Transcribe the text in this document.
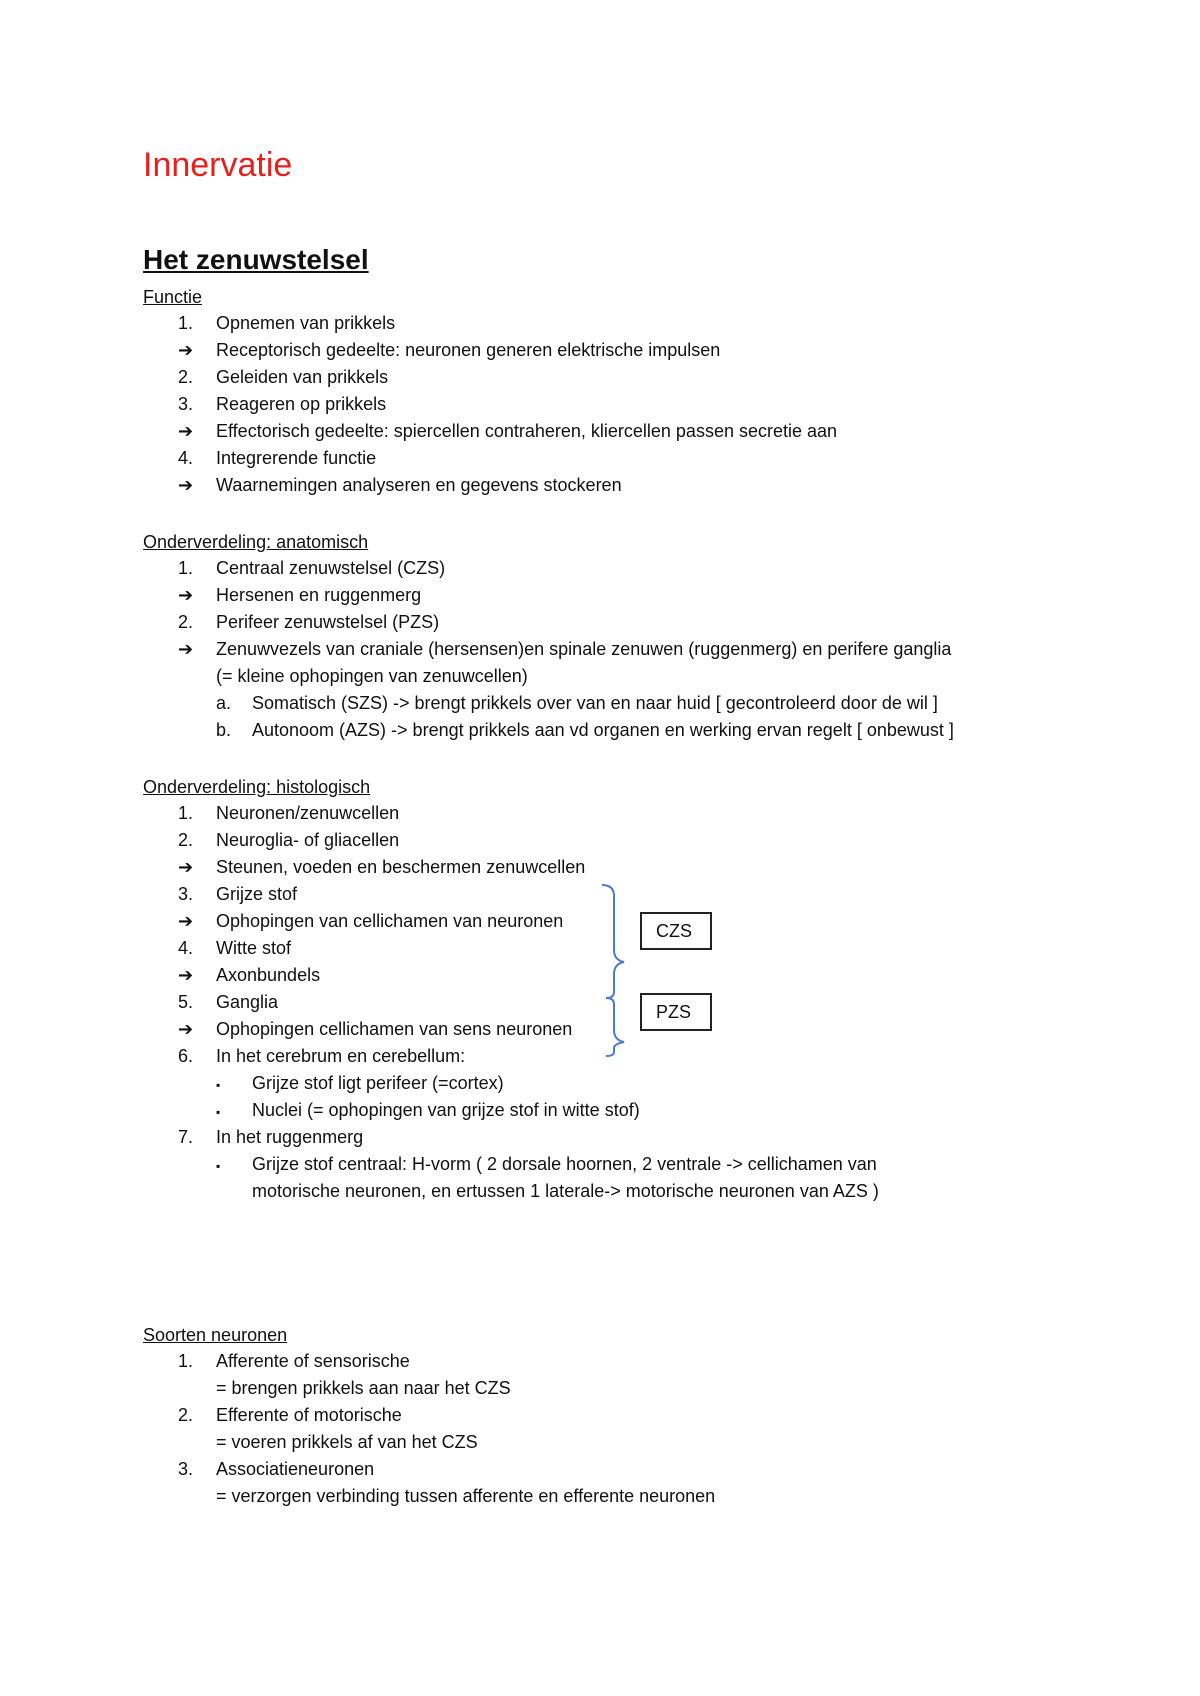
Innervatie
Het zenuwstelsel
Functie
1. Opnemen van prikkels
➔ Receptorisch gedeelte: neuronen generen elektrische impulsen
2. Geleiden van prikkels
3. Reageren op prikkels
➔ Effectorisch gedeelte: spiercellen contraheren, kliercellen passen secretie aan
4. Integrerende functie
➔ Waarnemingen analyseren en gegevens stockeren
Onderverdeling: anatomisch
1. Centraal zenuwstelsel (CZS)
➔ Hersenen en ruggenmerg
2. Perifeer zenuwstelsel (PZS)
➔ Zenuwvezels van craniale (hersensen)en spinale zenuwen (ruggenmerg) en perifere ganglia
(= kleine ophopingen van zenuwcellen)
a. Somatisch (SZS) -> brengt prikkels over van en naar huid [ gecontroleerd door de wil ]
b. Autonoom (AZS) -> brengt prikkels aan vd organen en werking ervan regelt [ onbewust ]
Onderverdeling: histologisch
1. Neuronen/zenuwcellen
2. Neuroglia- of gliacellen
➔ Steunen, voeden en beschermen zenuwcellen
3. Grijze stof
➔ Ophopingen van cellichamen van neuronen
4. Witte stof
➔ Axonbundels
5. Ganglia
➔ Ophopingen cellichamen van sens neuronen
6. In het cerebrum en cerebellum:
▪ Grijze stof ligt perifeer (=cortex)
▪ Nuclei (= ophopingen van grijze stof in witte stof)
7. In het ruggenmerg
▪ Grijze stof centraal: H-vorm ( 2 dorsale hoornen, 2 ventrale -> cellichamen van
motorische neuronen, en ertussen 1 laterale-> motorische neuronen van AZS )
CZS
PZS
Soorten neuronen
1. Afferente of sensorische
= brengen prikkels aan naar het CZS
2. Efferente of motorische
= voeren prikkels af van het CZS
3. Associatieneuronen
= verzorgen verbinding tussen afferente en efferente neuronen
